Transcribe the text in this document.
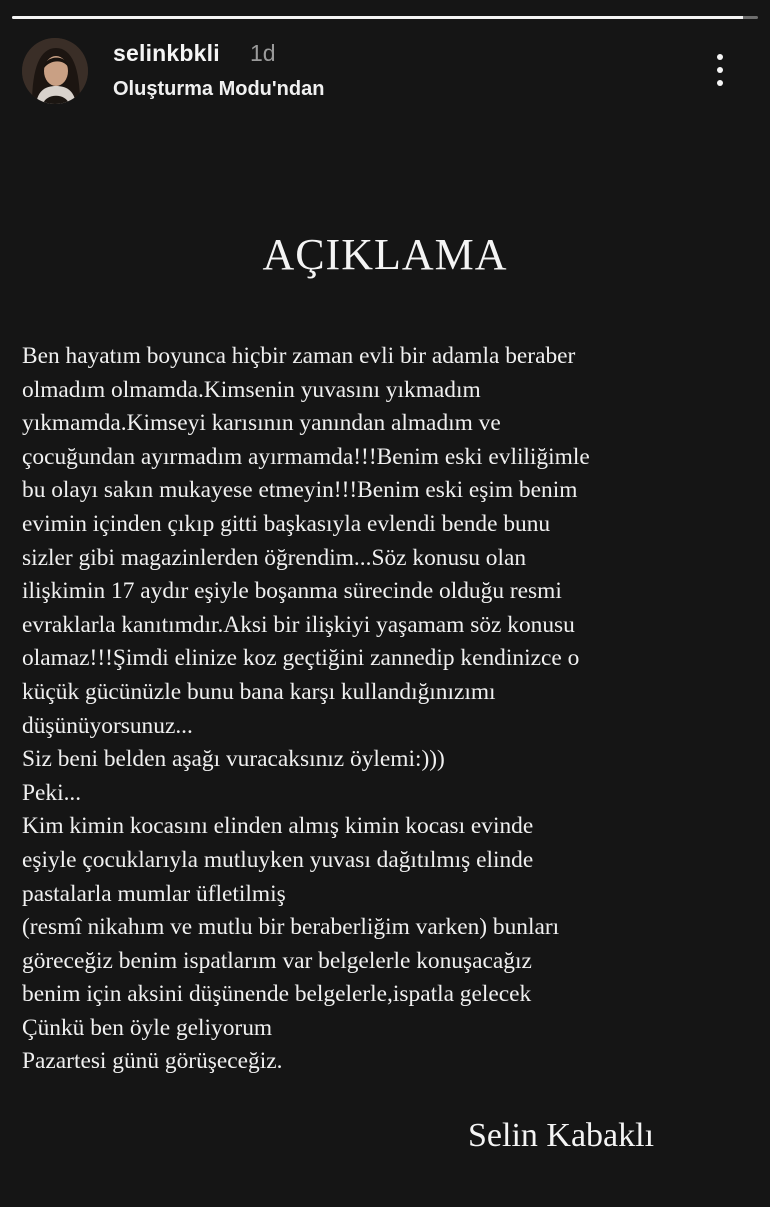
selinkbkli 1d
Oluşturma Modu'ndan
AÇIKLAMA
Ben hayatım boyunca hiçbir zaman evli bir adamla beraber
olmadım olmamda.Kimsenin yuvasını yıkmadım
yıkmamda.Kimseyi karısının yanından almadım ve
çocuğundan ayırmadım ayırmamda!!!Benim eski evliliğimle
bu olayı sakın mukayese etmeyin!!!Benim eski eşim benim
evimin içinden çıkıp gitti başkasıyla evlendi bende bunu
sizler gibi magazinlerden öğrendim...Söz konusu olan
ilişkimin 17 aydır eşiyle boşanma sürecinde olduğu resmi
evraklarla kanıtımdır.Aksi bir ilişkiyi yaşamam söz konusu
olamaz!!!Şimdi elinize koz geçtiğini zannedip kendinizce o
küçük gücünüzle bunu bana karşı kullandığınızımı
düşünüyorsunuz...
Siz beni belden aşağı vuracaksınız öylemi:)))
Peki...
Kim kimin kocasını elinden almış kimin kocası evinde
eşiyle çocuklarıyla mutluyken yuvası dağıtılmış elinde
pastalarla mumlar üfletilmiş
(resmî nikahım ve mutlu bir beraberliğim varken) bunları
göreceğiz benim ispatlarım var belgelerle konuşacağız
benim için aksini düşünende belgelerle,ispatla gelecek
Çünkü ben öyle geliyorum
Pazartesi günü görüşeceğiz.
Selin Kabaklı
